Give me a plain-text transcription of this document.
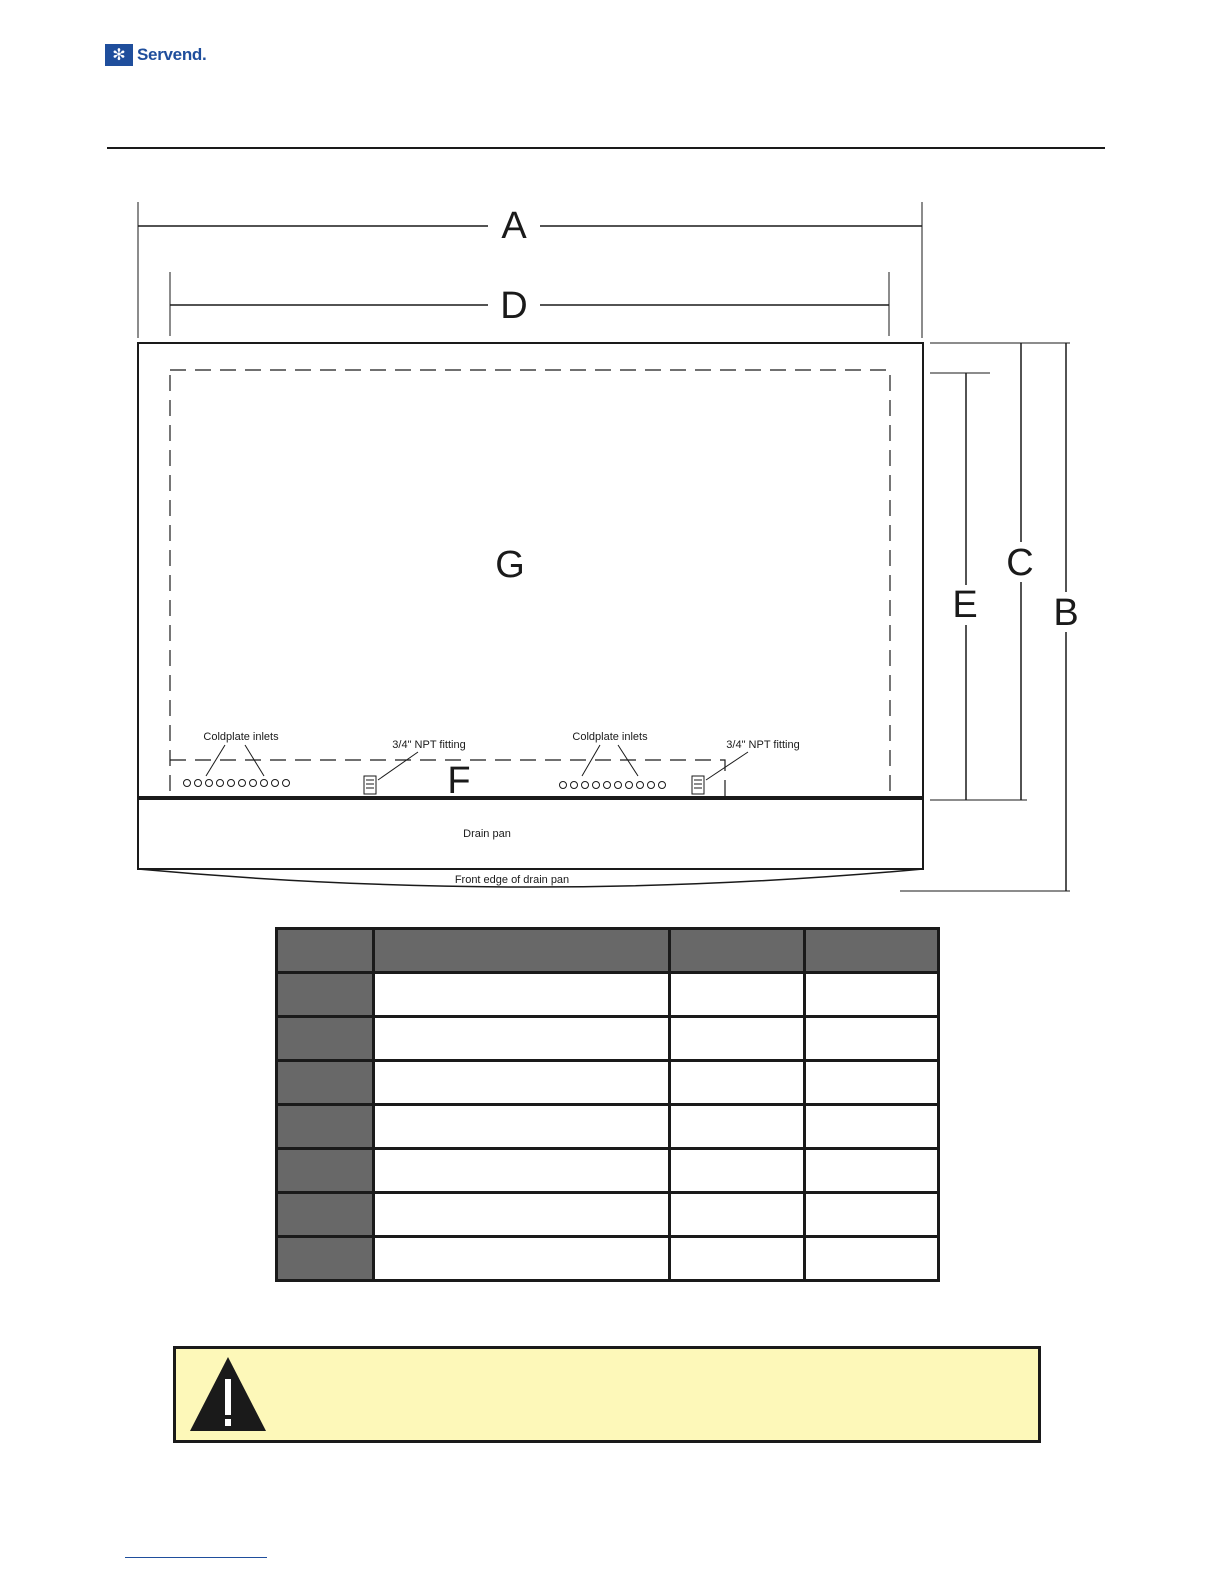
✻ Servend.
A
D
G
F
E
C
B
Coldplate inlets	Coldplate inlets
3/4" NPT fitting	3/4" NPT fitting
Drain pan
Front edge of drain pan
